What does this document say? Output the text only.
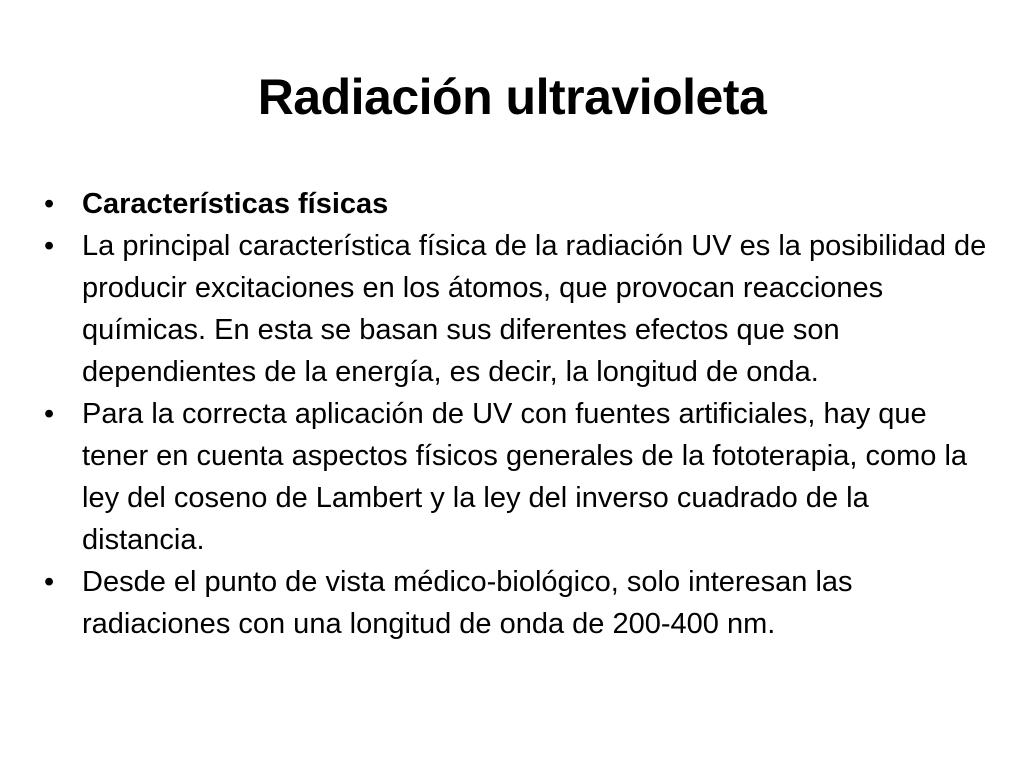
Radiación ultravioleta
• Características físicas
• La principal característica física de la radiación UV es la posibilidad de producir excitaciones en los átomos, que provocan reacciones químicas. En esta se basan sus diferentes efectos que son dependientes de la energía, es decir, la longitud de onda.
• Para la correcta aplicación de UV con fuentes artificiales, hay que tener en cuenta aspectos físicos generales de la fototerapia, como la ley del coseno de Lambert y la ley del inverso cuadrado de la distancia.
• Desde el punto de vista médico-biológico, solo interesan las radiaciones con una longitud de onda de 200-400 nm.
